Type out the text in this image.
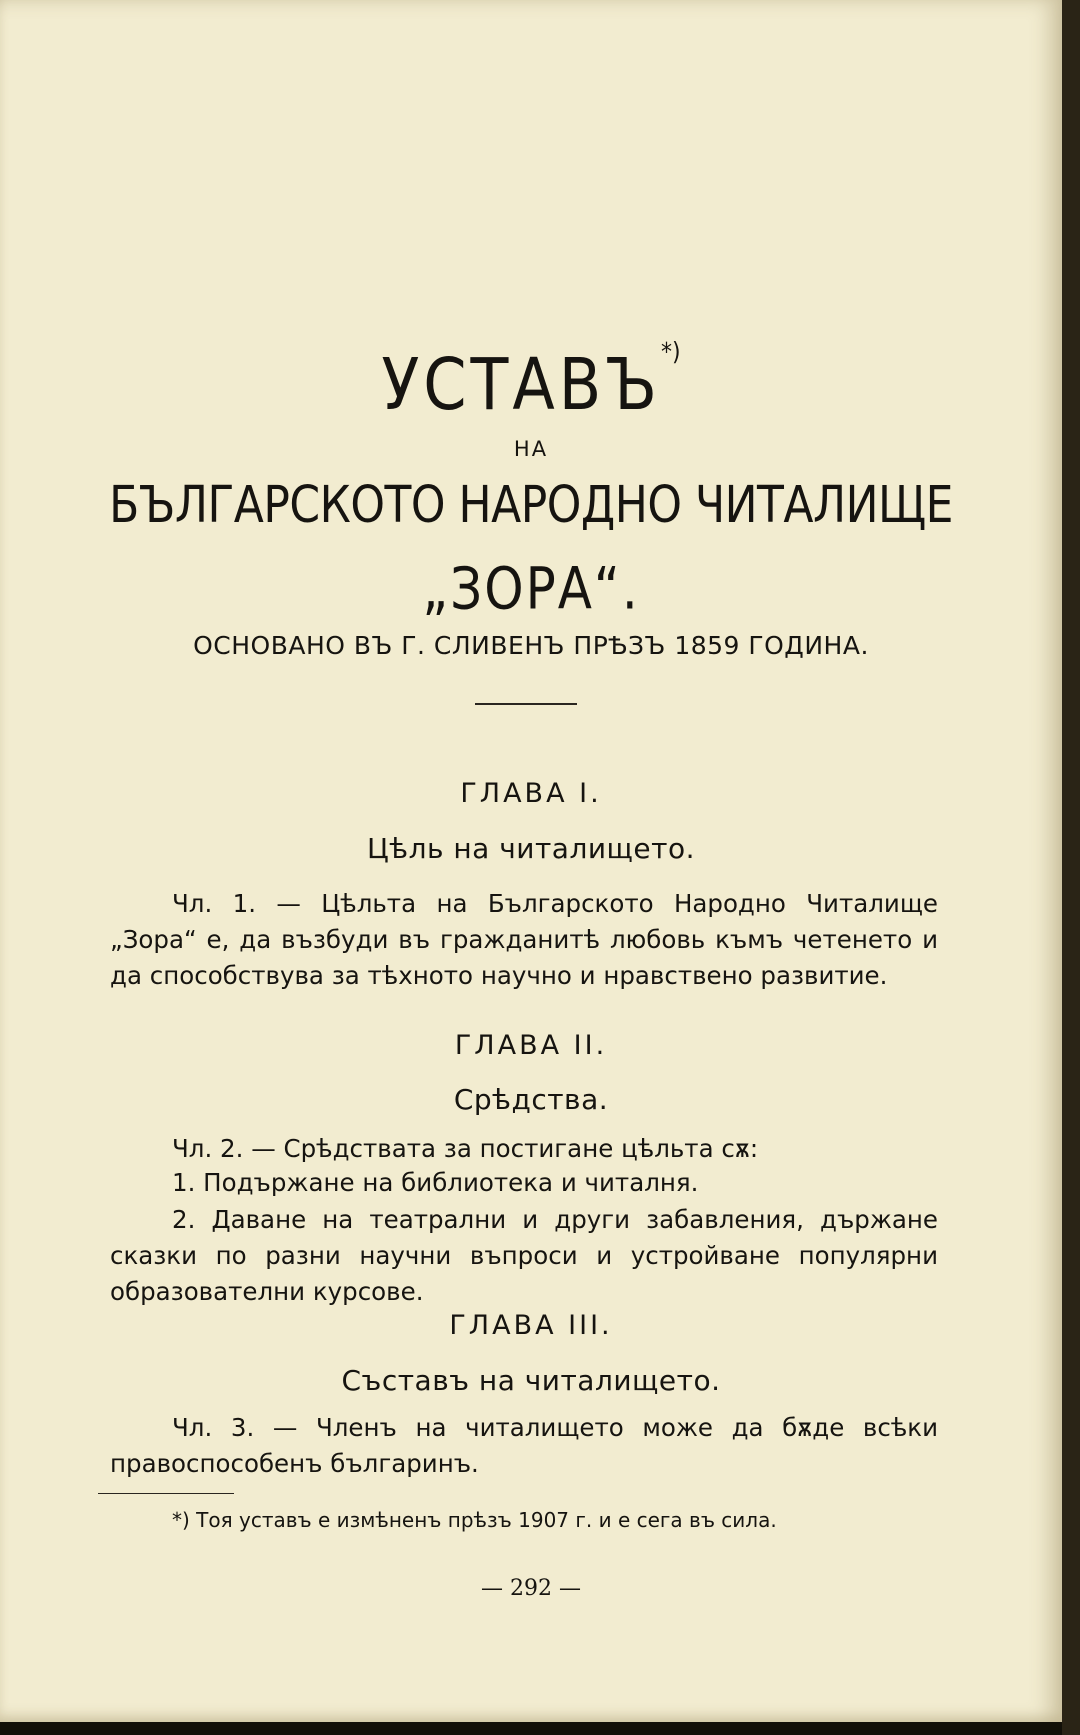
УСТАВЪ*)
НА
БЪЛГАРСКОТО НАРОДНО ЧИТАЛИЩЕ
„ЗОРА“.
ОСНОВАНО ВЪ Г. СЛИВЕНЪ ПРѢЗЪ 1859 ГОДИНА.
ГЛАВА I.
Цѣль на читалището.
Чл. 1. — Цѣльта на Българското Народно Читалище „Зора“ е, да възбуди въ гражданитѣ любовь къмъ четенето и да способствува за тѣхното научно и нравствено развитие.
ГЛАВА II.
Срѣдства.
Чл. 2. — Срѣдствата за постигане цѣльта сѫ:
1. Подържане на библиотека и читалня.
2. Даване на театрални и други забавления, държане сказки по разни научни въпроси и устройване популярни образователни курсове.
ГЛАВА III.
Съставъ на читалището.
Чл. 3. — Членъ на читалището може да бѫде всѣки правоспособенъ българинъ.
*) Тоя уставъ е измѣненъ прѣзъ 1907 г. и е сега въ сила.
— 292 —
